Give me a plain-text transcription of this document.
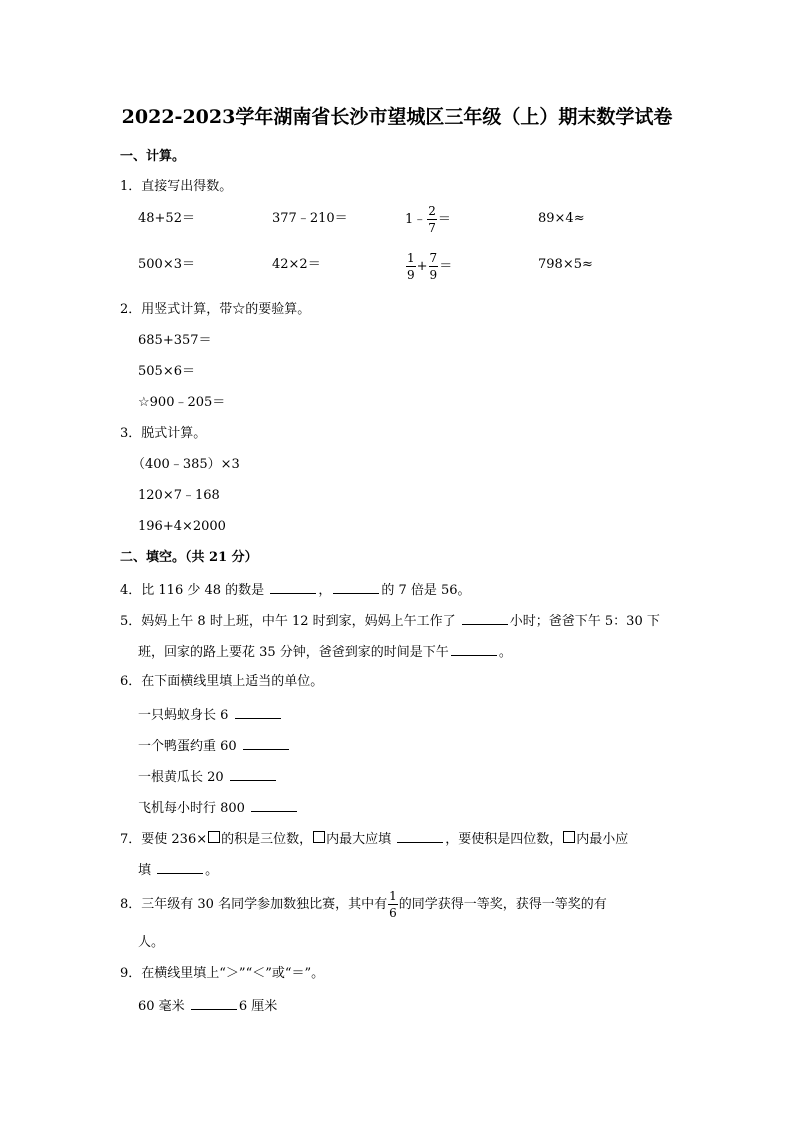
2022-2023学年湖南省长沙市望城区三年级（上）期末数学试卷
一、计算。
1．直接写出得数。
48+52＝	377﹣210＝	1﹣ $\frac{2}{7}$ ＝	89×4≈
500×3＝	42×2＝	$\frac{1}{9} + \frac{7}{9}$ ＝	798×5≈
2．用竖式计算，带☆的要验算。
685+357＝
505×6＝
☆900﹣205＝
3．脱式计算。
（400﹣385）×3
120×7﹣168
196+4×2000
二、填空。（共 21 分）
4．比 116 少 48 的数是	，	的 7 倍是 56。
5．妈妈上午 8 时上班，中午 12 时到家，妈妈上午工作了	小时；爸爸下午 5：30 下
班，回家的路上要花 35 分钟，爸爸到家的时间是下午	。
6．在下面横线里填上适当的单位。
一只蚂蚁身长 6
一个鸭蛋约重 60
一根黄瓜长 20
飞机每小时行 800
7．要使 236× 的积是三位数， 内最大应填	，要使积是四位数， 内最小应
填	。
8． 三年级有 30 名同学参加数独比赛，其中有 $\frac{1}{6}$ 的同学获得一等奖，获得一等奖的有
人。
9．在横线里填上“＞”“＜”或“＝”。
60 毫米	6 厘米
